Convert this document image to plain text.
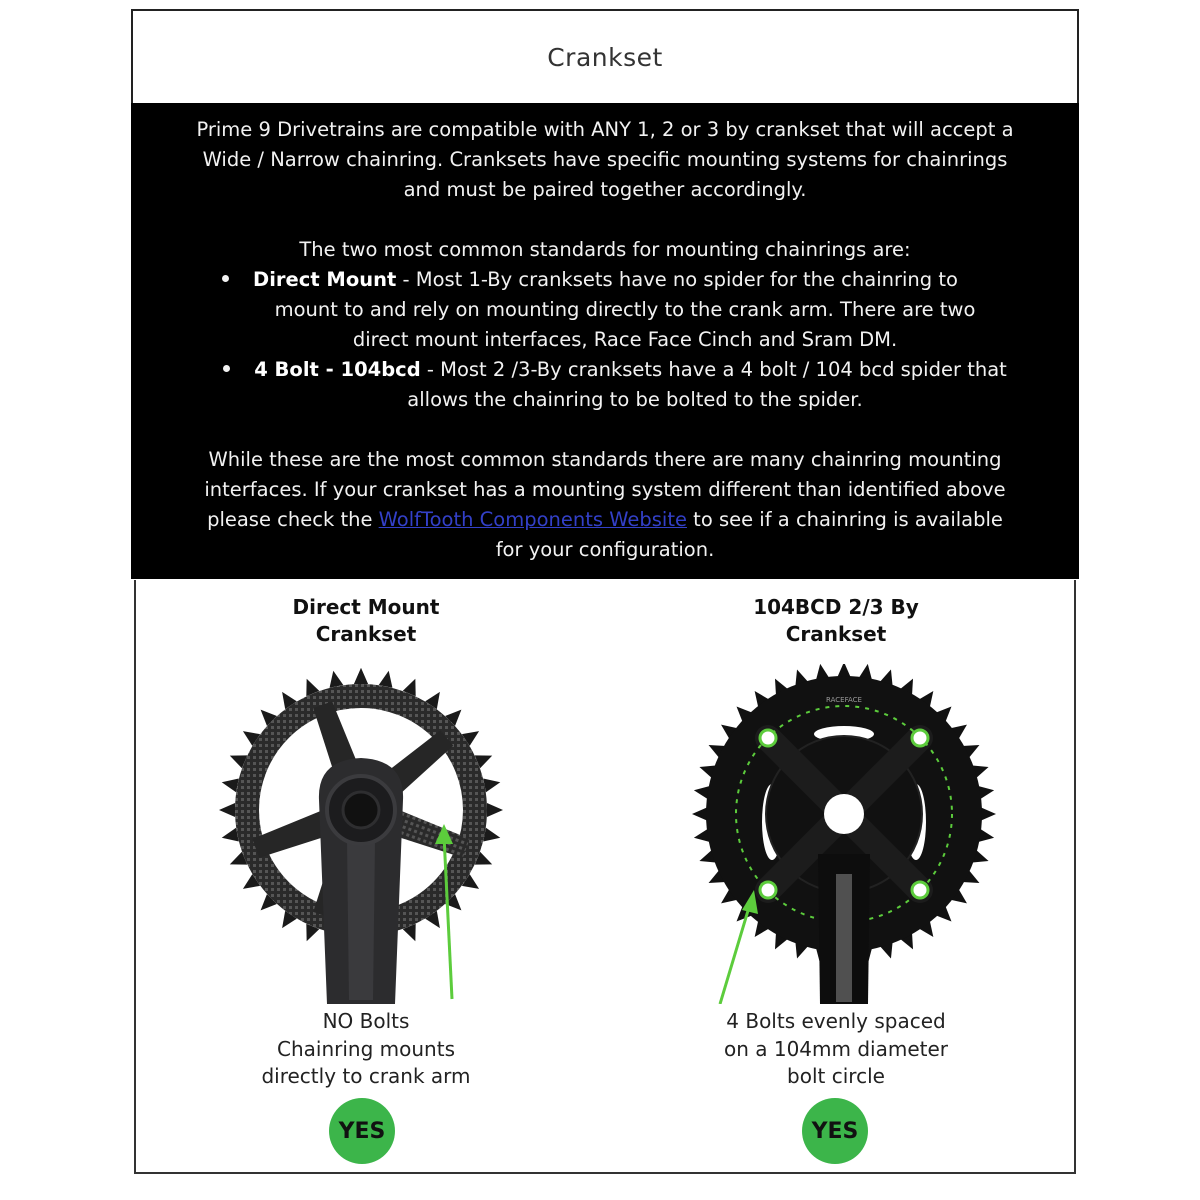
Crankset

Prime 9 Drivetrains are compatible with ANY 1, 2 or 3 by crankset that will accept a

Wide / Narrow chainring. Cranksets have specific mounting systems for chainrings

and must be paired together accordingly.

The two most common standards for mounting chainrings are:

Direct Mount - Most 1-By cranksets have no spider for the chainring to

mount to and rely on mounting directly to the crank arm. There are two

direct mount interfaces, Race Face Cinch and Sram DM.

4 Bolt - 104bcd - Most 2 /3-By cranksets have a 4 bolt / 104 bcd spider that

allows the chainring to be bolted to the spider.

While these are the most common standards there are many chainring mounting

interfaces. If your crankset has a mounting system different than identified above

please check the WolfTooth Components Website to see if a chainring is available

for your configuration.

Direct Mount
Crankset
NO Bolts
Chainring mounts
directly to crank arm
YES
104BCD 2/3 By
Crankset
RACEFACE
4 Bolts evenly spaced
on a 104mm diameter
bolt circle
YES
